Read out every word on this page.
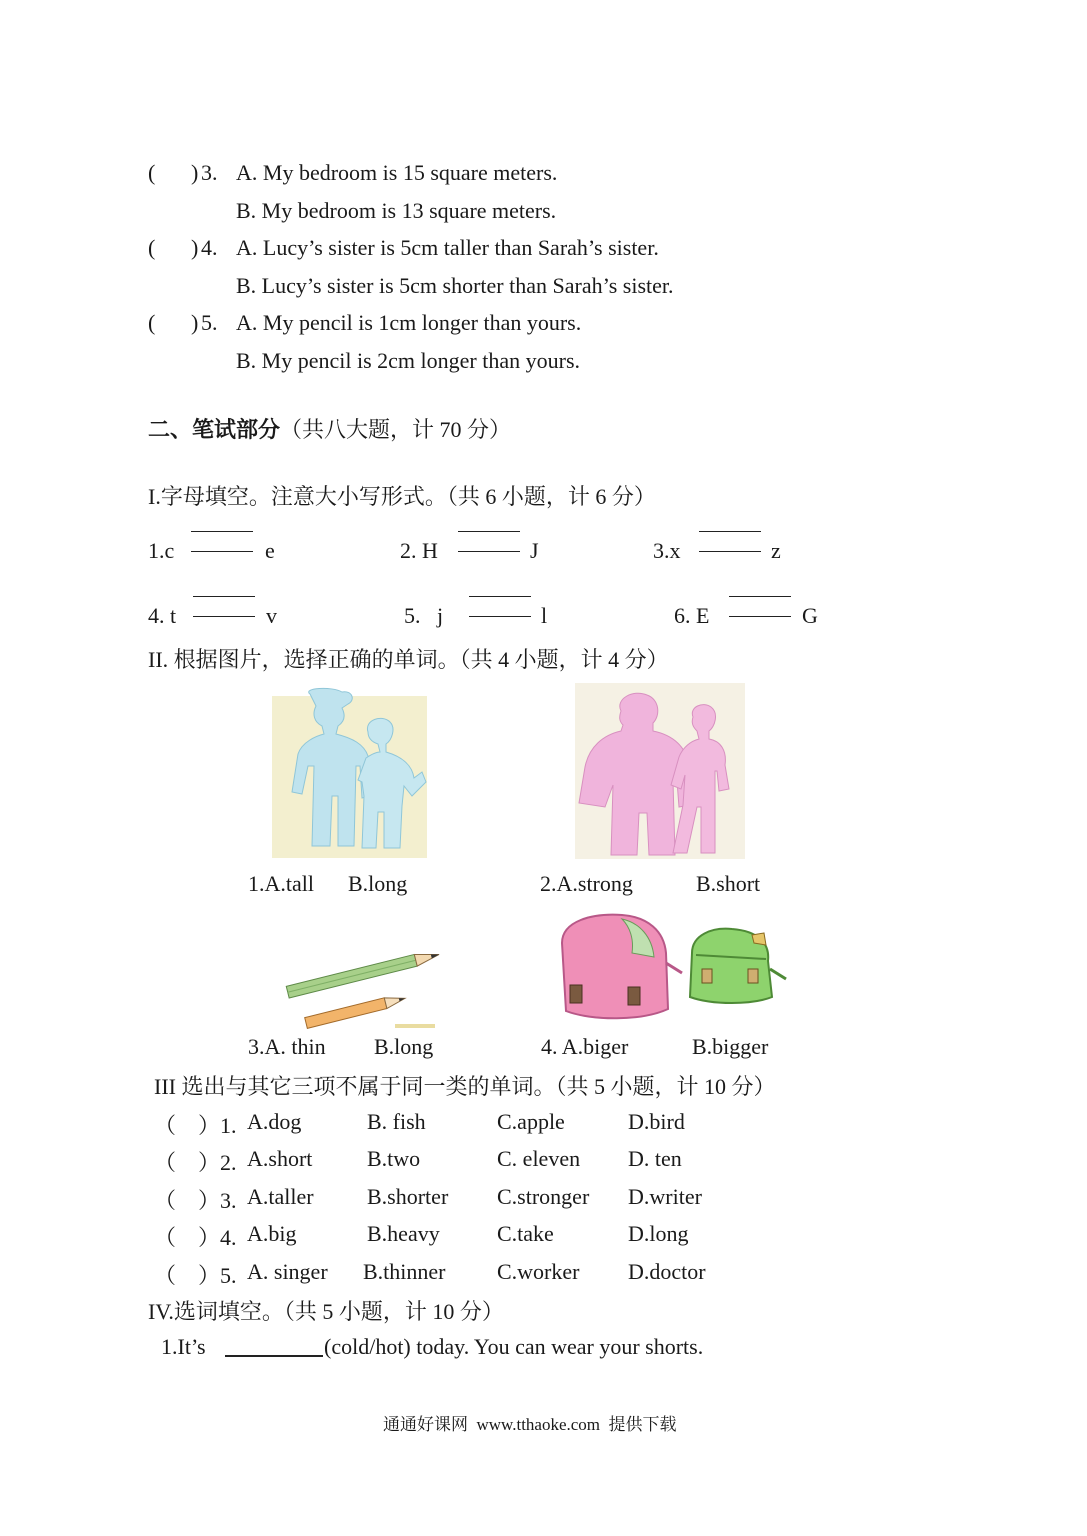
( ) 3. A. My bedroom is 15 square meters.
B. My bedroom is 13 square meters.
( ) 4. A. Lucy’s sister is 5cm taller than Sarah’s sister.
B. Lucy’s sister is 5cm shorter than Sarah’s sister.
( ) 5. A. My pencil is 1cm longer than yours.
B. My pencil is 2cm longer than yours.
二、笔试部分（共八大题，计 70 分）
I.字母填空。注意大小写形式。（共 6 小题，计 6 分）
1.c	e	2. H	J	3.x	z
4. t	v	5.   j	l	6. E	G
II. 根据图片，选择正确的单词。（共 4 小题，计 4 分）
1.A.tall B.long	2.A.strong	B.short
3.A. thin B.long	4. A.biger	B.bigger
III 选出与其它三项不属于同一类的单词。（共 5 小题，计 10 分）
（　）1. A.dog	B. fish	C.apple	D.bird
（　）2. A.short B.two	C. eleven D. ten
（　）3. A.taller B.shorter C.stronger D.writer
（　）4. A.big	B.heavy	C.take	D.long
（　）5. A. singer B.thinner C.worker D.doctor
IV.选词填空。（共 5 小题，计 10 分）
1.It’s	(cold/hot) today. You can wear your shorts.
通通好课网  www.tthaoke.com  提供下载
